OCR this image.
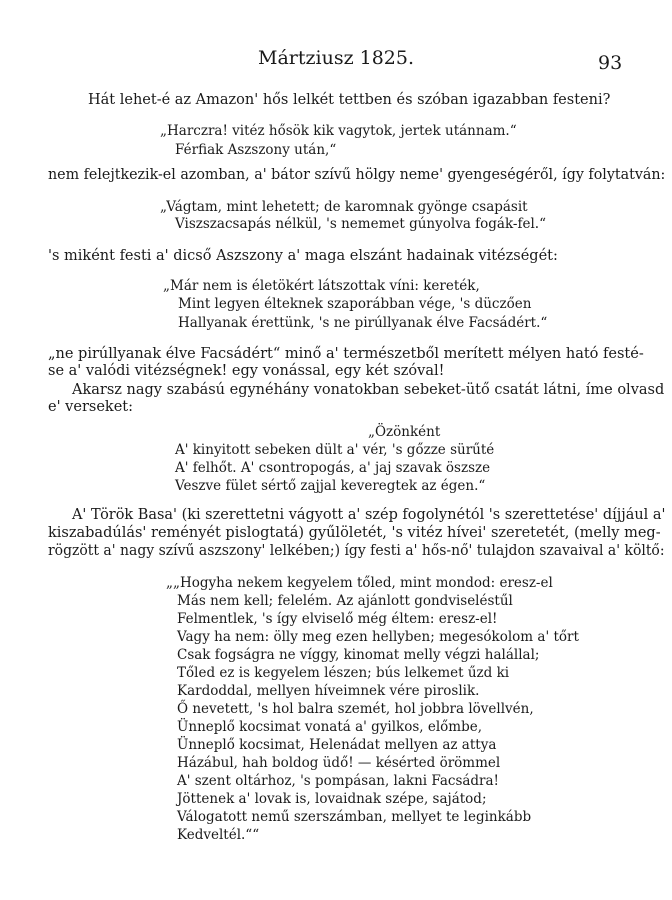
Mártziusz 1825.	93
Hát lehet-é az Amazon' hős lelkét tettben és szóban igazabban festeni?
„Harczra! vitéz hősök kik vagytok, jertek utánnam.“
Férfiak Aszszony után,“
nem felejtkezik-el azomban, a' bátor szívű hölgy neme' gyengeségéről, így folytatván:
„Vágtam, mint lehetett; de karomnak gyönge csapásit
Viszszacsapás nélkül, 's nememet gúnyolva fogák-fel.“
's miként festi a' dicső Aszszony a' maga elszánt hadainak vitézségét:
„Már nem is életökért látszottak víni: kereték,
Mint legyen élteknek szaporábban vége, 's düczően
Hallyanak érettünk, 's ne pirúllyanak élve Facsádért.“
„ne pirúllyanak élve Facsádért“ minő a' természetből merített mélyen ható festé-
se a' valódi vitézségnek! egy vonással, egy két szóval!
Akarsz nagy szabású egynéhány vonatokban sebeket-ütő csatát látni, íme olvasd
e' verseket:
„Özönként
A' kinyitott sebeken dült a' vér, 's gőzze sürűté
A' felhőt. A' csontropogás, a' jaj szavak öszsze
Veszve fület sértő zajjal keveregtek az égen.“
A' Török Basa' (ki szerettetni vágyott a' szép fogolynétól 's szerettetése' díjjául a'
kiszabadúlás' reményét pislogtatá) gyűlöletét, 's vitéz hívei' szeretetét, (melly meg-
rögzött a' nagy szívű aszszony' lelkében;) így festi a' hős-nő' tulajdon szavaival a' költő:
„„Hogyha nekem kegyelem tőled, mint mondod: eresz-el
Más nem kell; felelém. Az ajánlott gondviseléstűl
Felmentlek, 's így elviselő még éltem: eresz-el!
Vagy ha nem: ölly meg ezen hellyben; megesókolom a' tőrt
Csak fogságra ne víggy, kinomat melly végzi halállal;
Tőled ez is kegyelem lészen; bús lelkemet űzd ki
Kardoddal, mellyen híveimnek vére piroslik.
Ő nevetett, 's hol balra szemét, hol jobbra lövellvén,
Ünneplő kocsimat vonatá a' gyilkos, előmbe,
Ünneplő kocsimat, Helenádat mellyen az attya
Házábul, hah boldog üdő! — késérted örömmel
A' szent oltárhoz, 's pompásan, lakni Facsádra!
Jöttenek a' lovak is, lovaidnak szépe, sajátod;
Válogatott nemű szerszámban, mellyet te leginkább
Kedveltél.““
